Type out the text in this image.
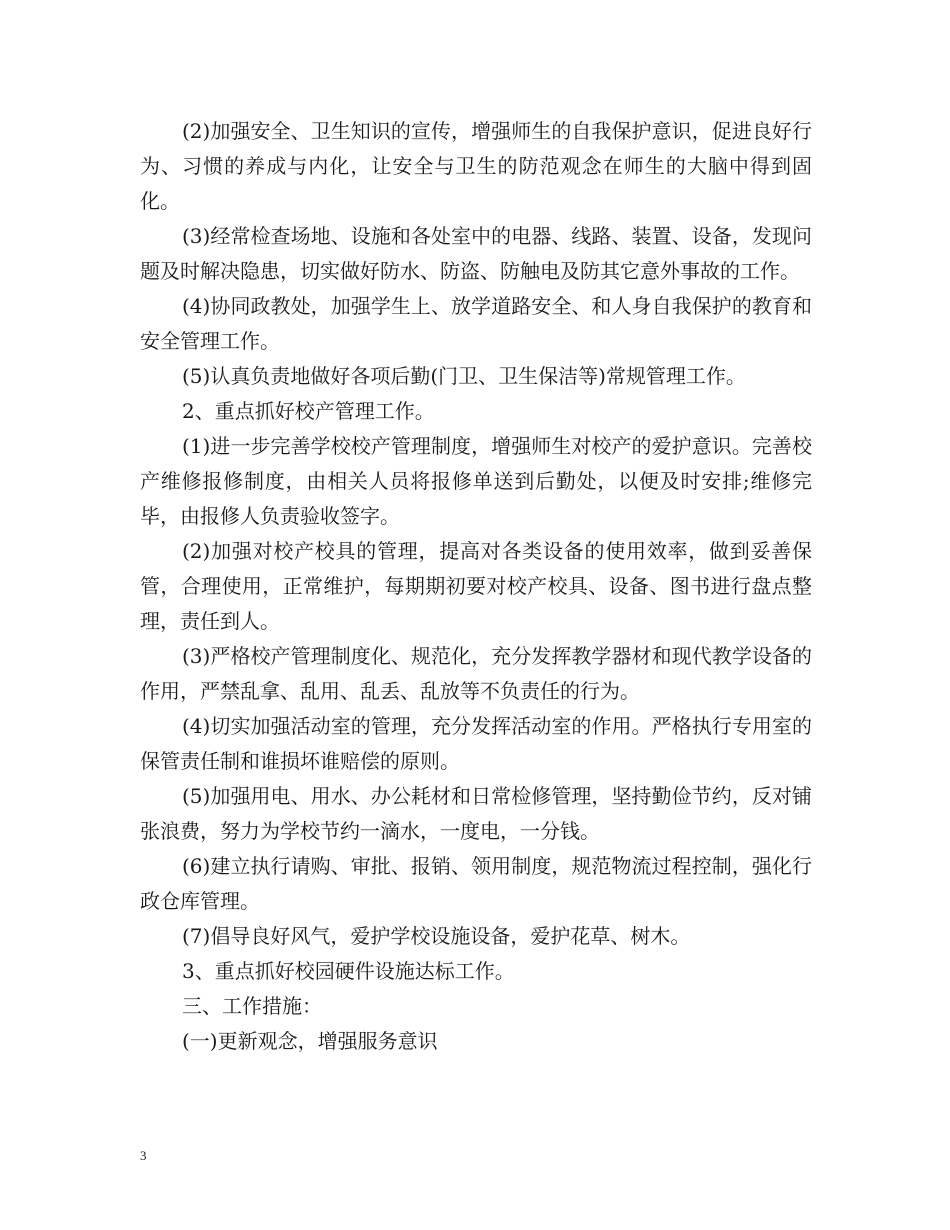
(2)加强安全、卫生知识的宣传，增强师生的自我保护意识，促进良好行为、习惯的养成与内化，让安全与卫生的防范观念在师生的大脑中得到固化。

(3)经常检查场地、设施和各处室中的电器、线路、装置、设备，发现问题及时解决隐患，切实做好防水、防盗、防触电及防其它意外事故的工作。

(4)协同政教处，加强学生上、放学道路安全、和人身自我保护的教育和安全管理工作。

(5)认真负责地做好各项后勤(门卫、卫生保洁等)常规管理工作。

2、重点抓好校产管理工作。

(1)进一步完善学校校产管理制度，增强师生对校产的爱护意识。完善校产维修报修制度，由相关人员将报修单送到后勤处，以便及时安排;维修完毕，由报修人负责验收签字。

(2)加强对校产校具的管理，提高对各类设备的使用效率，做到妥善保管，合理使用，正常维护，每期期初要对校产校具、设备、图书进行盘点整理，责任到人。

(3)严格校产管理制度化、规范化，充分发挥教学器材和现代教学设备的作用，严禁乱拿、乱用、乱丢、乱放等不负责任的行为。

(4)切实加强活动室的管理，充分发挥活动室的作用。严格执行专用室的保管责任制和谁损坏谁赔偿的原则。

(5)加强用电、用水、办公耗材和日常检修管理，坚持勤俭节约，反对铺张浪费，努力为学校节约一滴水，一度电，一分钱。

(6)建立执行请购、审批、报销、领用制度，规范物流过程控制，强化行政仓库管理。

(7)倡导良好风气，爱护学校设施设备，爱护花草、树木。

3、重点抓好校园硬件设施达标工作。

三、工作措施：

(一)更新观念，增强服务意识

3
